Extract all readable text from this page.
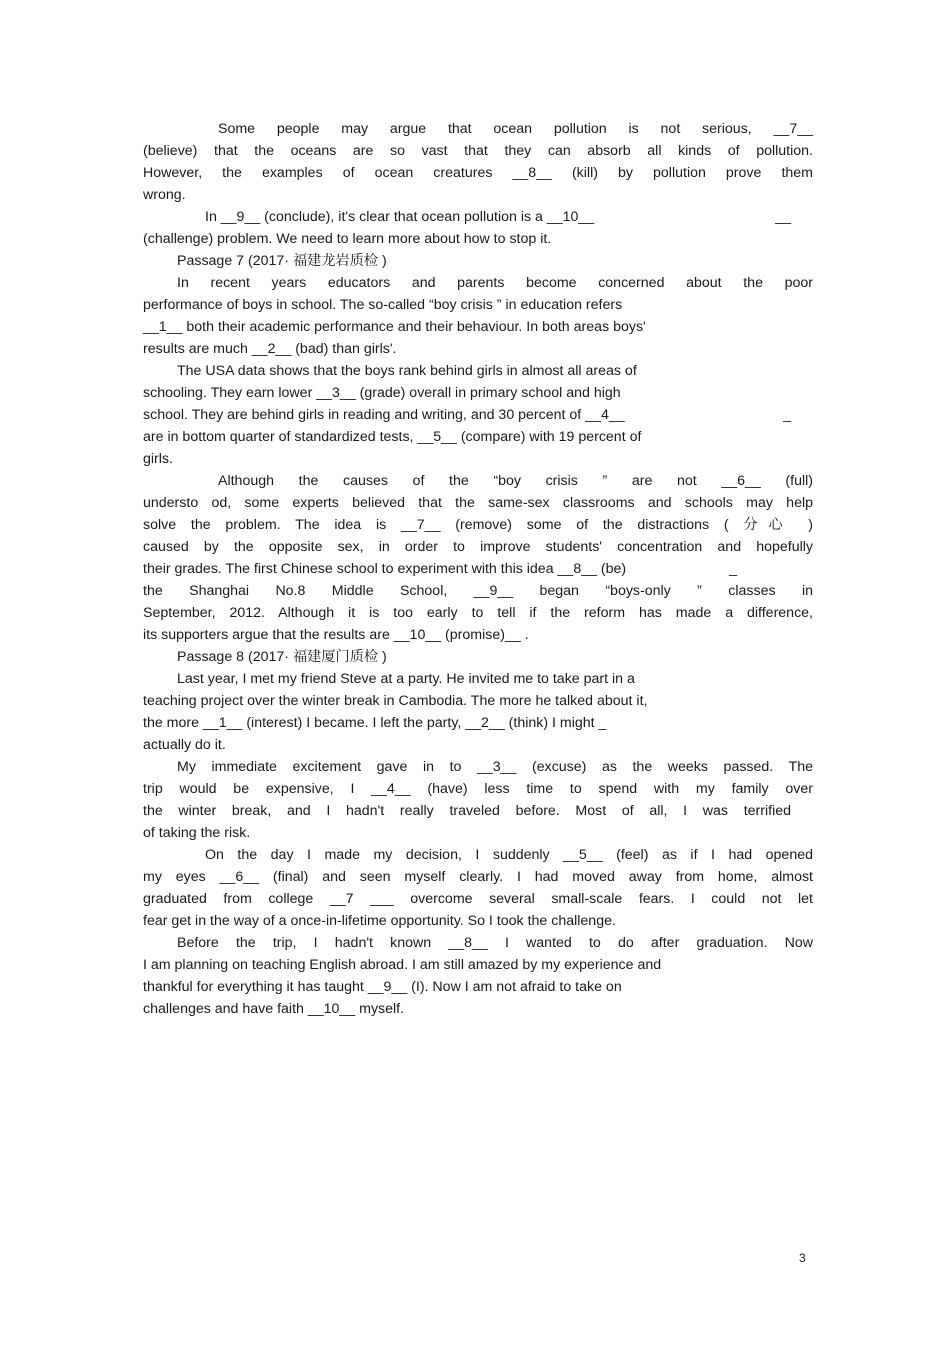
Some people may argue that ocean pollution is not serious, __7__
(believe) that the oceans are so vast that they can absorb all kinds of pollution.
However, the examples of ocean creatures __8__ (kill) by pollution prove them
wrong.
In __9__ (conclude), it's clear that ocean pollution is a __10__	__
(challenge) problem. We need to learn more about how to stop it.
Passage 7 (2017· 福建龙岩质检 )
In recent years educators and parents become concerned about the poor
performance of boys in school. The so-called “boy crisis ” in education refers
__1__ both their academic performance and their behaviour. In both areas boys'
results are much __2__ (bad) than girls'.
The USA data shows that the boys rank behind girls in almost all areas of
schooling. They earn lower __3__ (grade) overall in primary school and high
school. They are behind girls in reading and writing, and 30 percent of __4__	_
are in bottom quarter of standardized tests, __5__ (compare) with 19 percent of
girls.
Although the causes of the “boy crisis ” are not __6__ (full)
understo od, some experts believed that the same-sex classrooms and schools may help
solve the problem. The idea is __7__ (remove) some of the distractions ( 分心 )
caused by the opposite sex, in order to improve students' concentration and hopefully
their grades. The first Chinese school to experiment with this idea __8__ (be)	_
the Shanghai No.8 Middle School, __9__ began “boys-only ” classes in
September, 2012. Although it is too early to tell if the reform has made a difference,
its supporters argue that the results are __10__ (promise)__ .
Passage 8 (2017· 福建厦门质检 )
Last year, I met my friend Steve at a party. He invited me to take part in a
teaching project over the winter break in Cambodia. The more he talked about it,
the more __1__ (interest) I became. I left the party, __2__ (think) I might _
actually do it.
My immediate excitement gave in to __3__ (excuse) as the weeks passed. The
trip would be expensive, I __4__ (have) less time to spend with my family over
the winter break, and I hadn't really traveled before. Most of all, I was terrified
of taking the risk.
On the day I made my decision, I suddenly __5__ (feel) as if I had opened
my eyes __6__ (final) and seen myself clearly. I had moved away from home, almost
graduated from college __7 ___ overcome several small-scale fears. I could not let
fear get in the way of a once-in-lifetime opportunity. So I took the challenge.
Before the trip, I hadn't known __8__ I wanted to do after graduation. Now
I am planning on teaching English abroad. I am still amazed by my experience and
thankful for everything it has taught __9__ (I). Now I am not afraid to take on
challenges and have faith __10__ myself.
3
